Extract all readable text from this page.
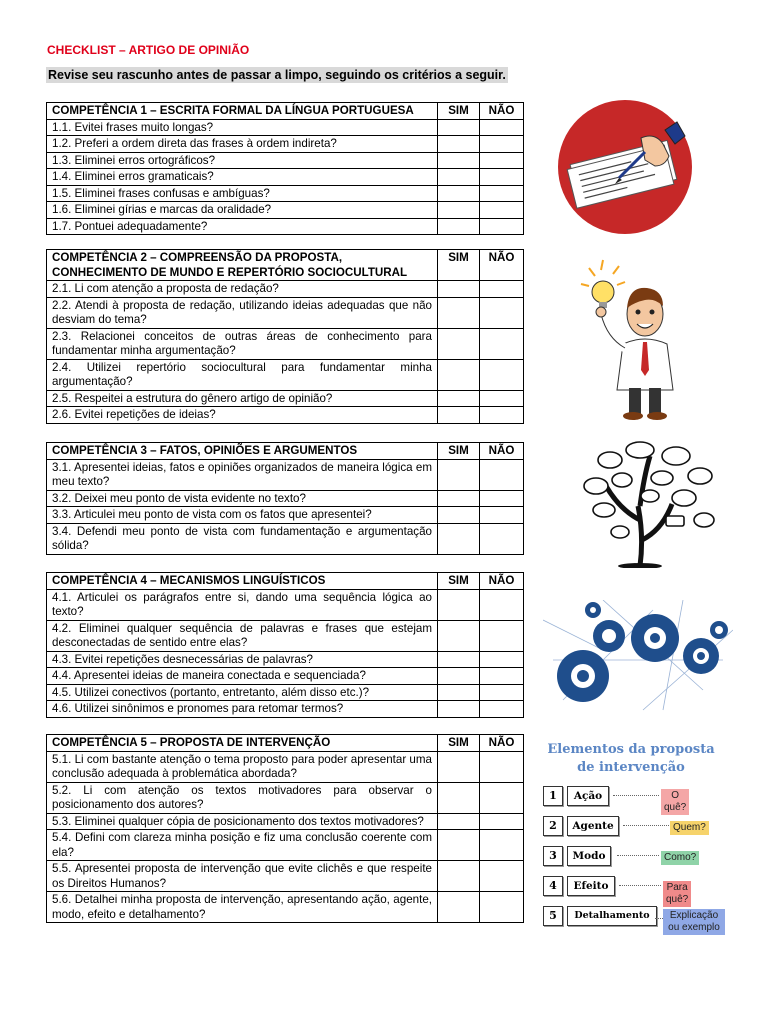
CHECKLIST – ARTIGO DE OPINIÃO
Revise seu rascunho antes de passar a limpo, seguindo os critérios a seguir.
COMPETÊNCIA 1 – ESCRITA FORMAL DA LÍNGUA PORTUGUESA	SIM	NÃO
1.1. Evitei frases muito longas?		
1.2. Preferi a ordem direta das frases à ordem indireta?		
1.3. Eliminei erros ortográficos?		
1.4. Eliminei erros gramaticais?		
1.5. Eliminei frases confusas e ambíguas?		
1.6. Eliminei gírias e marcas da oralidade?		
1.7. Pontuei adequadamente?		
COMPETÊNCIA 2 – COMPREENSÃO DA PROPOSTA, CONHECIMENTO DE MUNDO E REPERTÓRIO SOCIOCULTURAL	SIM	NÃO
2.1. Li com atenção a proposta de redação?		
2.2. Atendi à proposta de redação, utilizando ideias adequadas que não desviam do tema?		
2.3. Relacionei conceitos de outras áreas de conhecimento para fundamentar minha argumentação?		
2.4. Utilizei repertório sociocultural para fundamentar minha argumentação?		
2.5. Respeitei a estrutura do gênero artigo de opinião?		
2.6. Evitei repetições de ideias?		
COMPETÊNCIA 3 – FATOS, OPINIÕES E ARGUMENTOS	SIM	NÃO
3.1. Apresentei ideias, fatos e opiniões organizados de maneira lógica em meu texto?		
3.2. Deixei meu ponto de vista evidente no texto?		
3.3. Articulei meu ponto de vista com os fatos que apresentei?		
3.4. Defendi meu ponto de vista com fundamentação e argumentação sólida?		
COMPETÊNCIA 4 – MECANISMOS LINGUÍSTICOS	SIM	NÃO
4.1. Articulei os parágrafos entre si, dando uma sequência lógica ao texto?		
4.2. Eliminei qualquer sequência de palavras e frases que estejam desconectadas de sentido entre elas?		
4.3. Evitei repetições desnecessárias de palavras?		
4.4. Apresentei ideias de maneira conectada e sequenciada?		
4.5. Utilizei conectivos (portanto, entretanto, além disso etc.)?		
4.6. Utilizei sinônimos e pronomes para retomar termos?		
COMPETÊNCIA 5 – PROPOSTA DE INTERVENÇÃO	SIM	NÃO
5.1. Li com bastante atenção o tema proposto para poder apresentar uma conclusão adequada à problemática abordada?		
5.2. Li com atenção os textos motivadores para observar o posicionamento dos autores?		
5.3. Eliminei qualquer cópia de posicionamento dos textos motivadores?		
5.4. Defini com clareza minha posição e fiz uma conclusão coerente com ela?		
5.5. Apresentei proposta de intervenção que evite clichês e que respeite os Direitos Humanos?		
5.6. Detalhei minha proposta de intervenção, apresentando ação, agente, modo, efeito e detalhamento?		
Elementos da proposta de intervenção
1	Ação	O quê?
2	Agente	Quem?
3	Modo	Como?
4	Efeito	Para quê?
5	Detalhamento	Explicação ou exemplo
